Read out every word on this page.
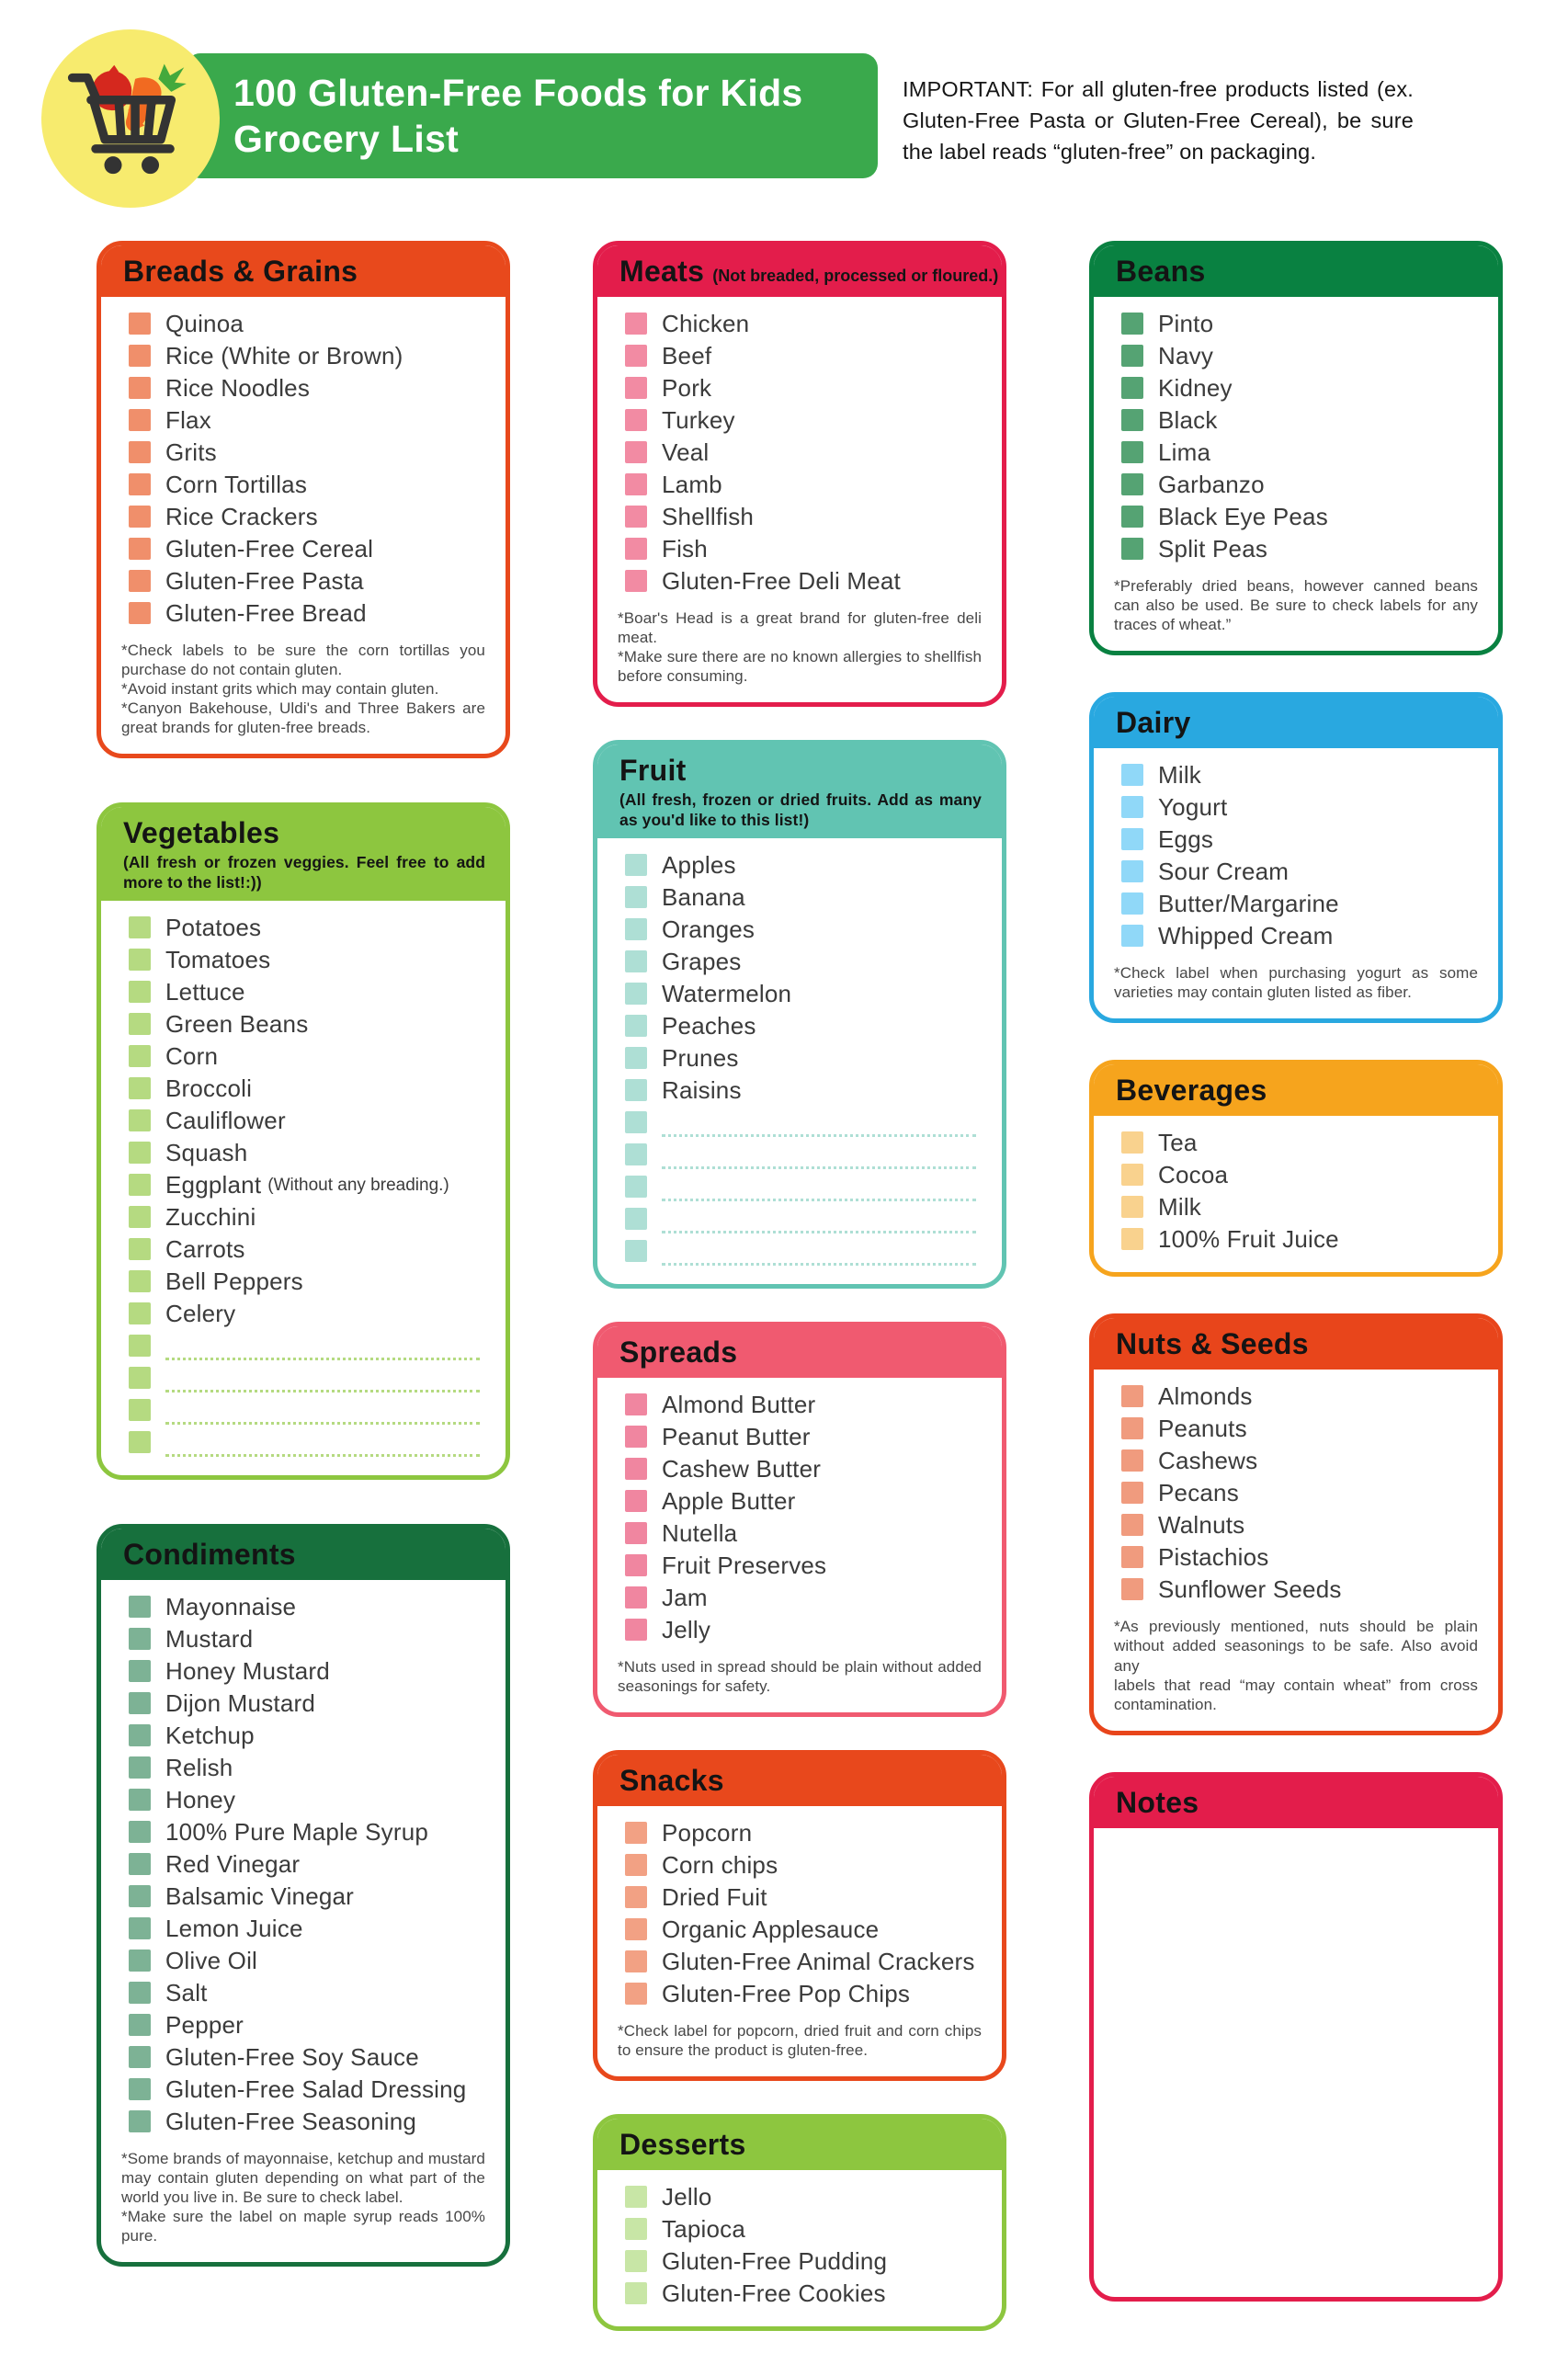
100 Gluten-Free Foods for Kids
Grocery List

IMPORTANT: For all gluten-free products listed (ex. Gluten-Free Pasta or Gluten-Free Cereal), be sure the label reads “gluten-free” on packaging.

Breads & Grains
Quinoa
Rice (White or Brown)
Rice Noodles
Flax
Grits
Corn Tortillas
Rice Crackers
Gluten-Free Cereal
Gluten-Free Pasta
Gluten-Free Bread

*Check labels to be sure the corn tortillas you purchase do not contain gluten.

*Avoid instant grits which may contain gluten.

*Canyon Bakehouse, Uldi's and Three Bakers are great brands for gluten-free breads.

Vegetables

(All fresh or frozen veggies. Feel free to add more to the list!:))

Potatoes
Tomatoes
Lettuce
Green Beans
Corn
Broccoli
Cauliflower
Squash
Eggplant (Without any breading.)
Zucchini
Carrots
Bell Peppers
Celery
Condiments
Mayonnaise
Mustard
Honey Mustard
Dijon Mustard
Ketchup
Relish
Honey
100% Pure Maple Syrup
Red Vinegar
Balsamic Vinegar
Lemon Juice
Olive Oil
Salt
Pepper
Gluten-Free Soy Sauce
Gluten-Free Salad Dressing
Gluten-Free Seasoning

*Some brands of mayonnaise, ketchup and mustard may contain gluten depending on what part of the world you live in. Be sure to check label.

*Make sure the label on maple syrup reads 100% pure.

Meats (Not breaded, processed or floured.)
Chicken
Beef
Pork
Turkey
Veal
Lamb
Shellfish
Fish
Gluten-Free Deli Meat

*Boar's Head is a great brand for gluten-free deli meat.

*Make sure there are no known allergies to shellfish before consuming.

Fruit

(All fresh, frozen or dried fruits. Add as many as you'd like to this list!)

Apples
Banana
Oranges
Grapes
Watermelon
Peaches
Prunes
Raisins
Spreads
Almond Butter
Peanut Butter
Cashew Butter
Apple Butter
Nutella
Fruit Preserves
Jam
Jelly

*Nuts used in spread should be plain without added seasonings for safety.

Snacks
Popcorn
Corn chips
Dried Fuit
Organic Applesauce
Gluten-Free Animal Crackers
Gluten-Free Pop Chips

*Check label for popcorn, dried fruit and corn chips to ensure the product is gluten-free.

Desserts
Jello
Tapioca
Gluten-Free Pudding
Gluten-Free Cookies
Beans
Pinto
Navy
Kidney
Black
Lima
Garbanzo
Black Eye Peas
Split Peas

*Preferably dried beans, however canned beans can also be used. Be sure to check labels for any traces of wheat.”

Dairy
Milk
Yogurt
Eggs
Sour Cream
Butter/Margarine
Whipped Cream

*Check label when purchasing yogurt as some varieties may contain gluten listed as fiber.

Beverages
Tea
Cocoa
Milk
100% Fruit Juice
Nuts & Seeds
Almonds
Peanuts
Cashews
Pecans
Walnuts
Pistachios
Sunflower Seeds

*As previously mentioned, nuts should be plain without added seasonings to be safe. Also avoid any

labels that read “may contain wheat” from cross contamination.

Notes
